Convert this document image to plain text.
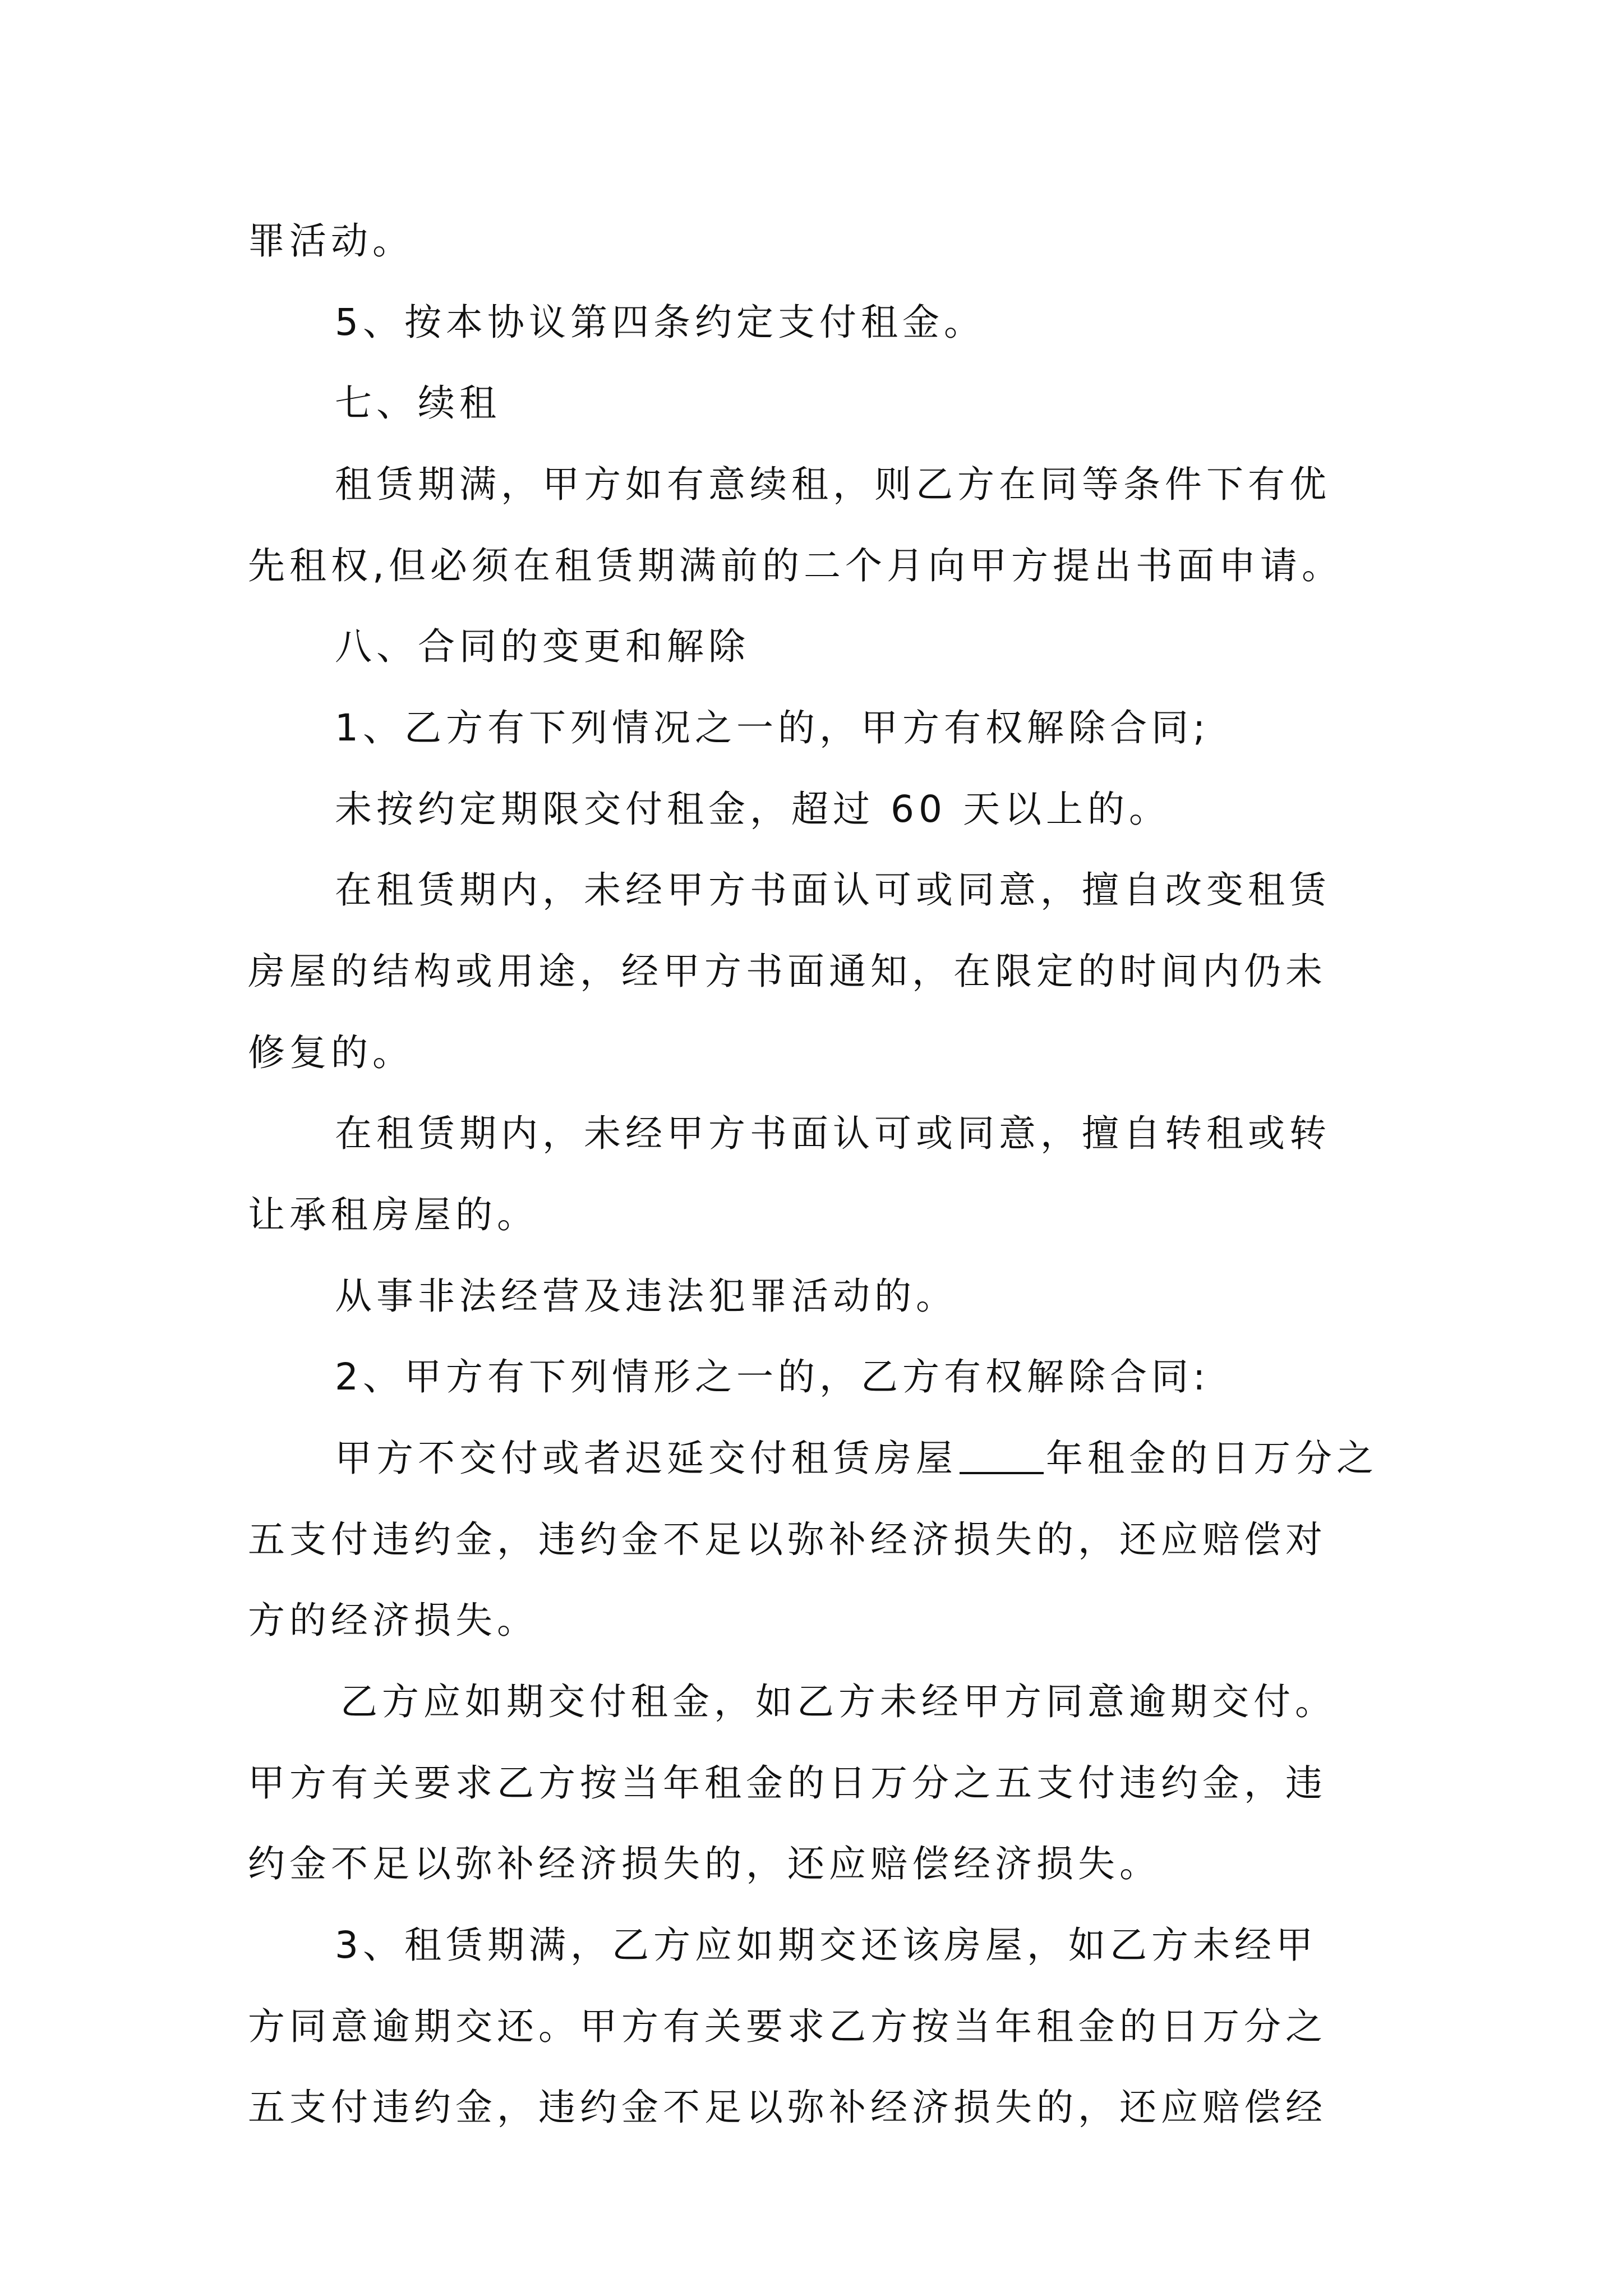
罪活动。
5、按本协议第四条约定支付租金。
七、续租
租赁期满，甲方如有意续租，则乙方在同等条件下有优
先租权,但必须在租赁期满前的二个月向甲方提出书面申请。
八、合同的变更和解除
1、乙方有下列情况之一的，甲方有权解除合同;
未按约定期限交付租金，超过 60 天以上的。
在租赁期内，未经甲方书面认可或同意，擅自改变租赁
房屋的结构或用途，经甲方书面通知，在限定的时间内仍未
修复的。
在租赁期内，未经甲方书面认可或同意，擅自转租或转
让承租房屋的。
从事非法经营及违法犯罪活动的。
2、甲方有下列情形之一的，乙方有权解除合同:
甲方不交付或者迟延交付租赁房屋 年租金的日万分之
五支付违约金，违约金不足以弥补经济损失的，还应赔偿对
方的经济损失。
乙方应如期交付租金，如乙方未经甲方同意逾期交付。
甲方有关要求乙方按当年租金的日万分之五支付违约金，违
约金不足以弥补经济损失的，还应赔偿经济损失。
3、租赁期满，乙方应如期交还该房屋，如乙方未经甲
方同意逾期交还。甲方有关要求乙方按当年租金的日万分之
五支付违约金，违约金不足以弥补经济损失的，还应赔偿经
